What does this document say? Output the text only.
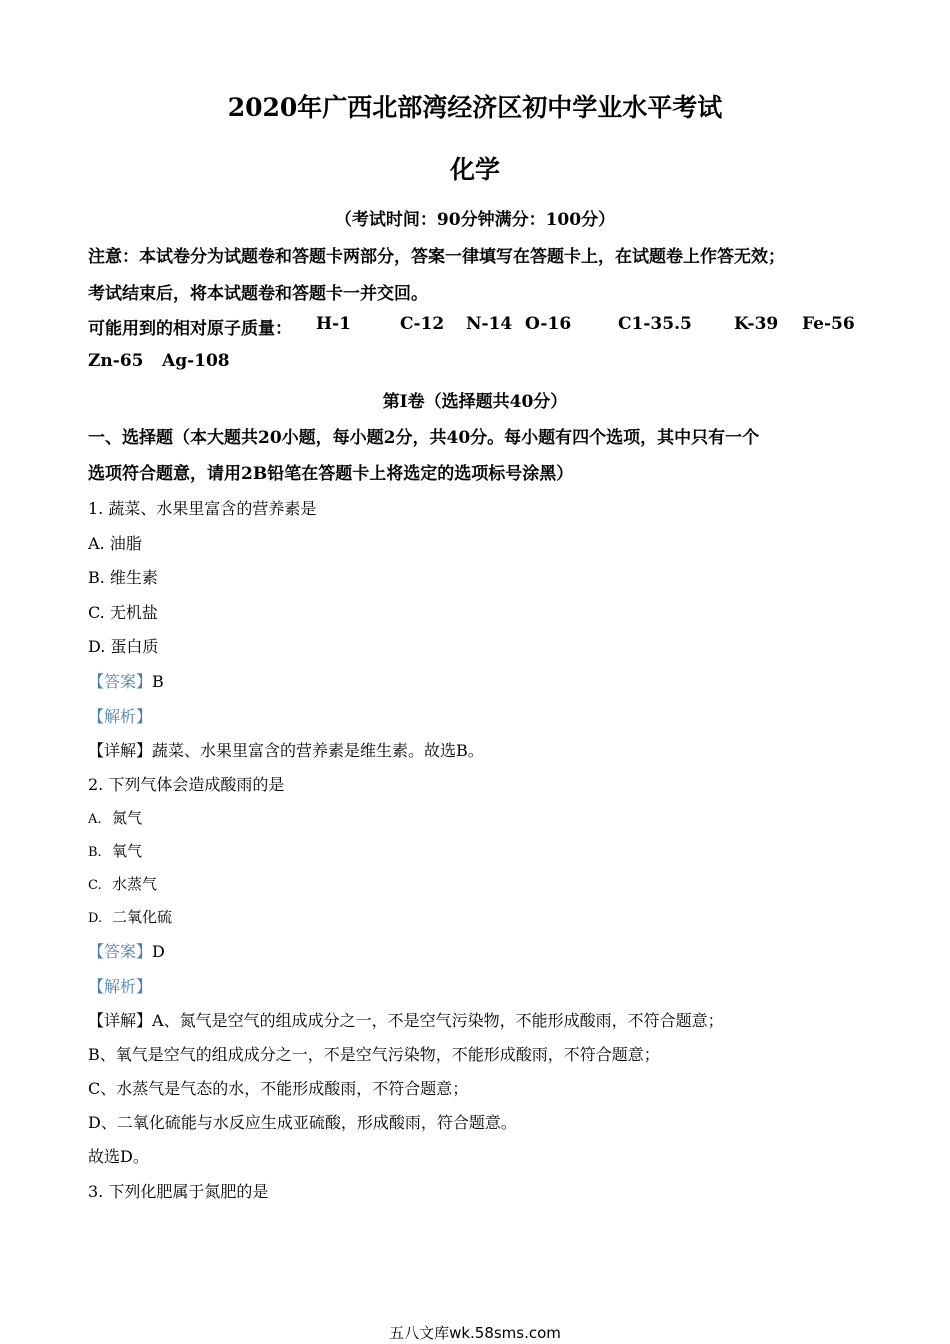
2020年广西北部湾经济区初中学业水平考试
化学
（考试时间：90分钟满分：100分）
注意：本试卷分为试题卷和答题卡两部分，答案一律填写在答题卡上，在试题卷上作答无效；
考试结束后，将本试题卷和答题卡一并交回。
可能用到的相对原子质量： H-1	C-12 N-14 O-16	C1-35.5 K-39 Fe-56
Zn-65 Ag-108
第Ⅰ卷（选择题共40分）
一、选择题（本大题共20小题，每小题2分，共40分。每小题有四个选项，其中只有一个
选项符合题意，请用2B铅笔在答题卡上将选定的选项标号涂黑）
1. 蔬菜、水果里富含的营养素是
A. 油脂
B. 维生素
C. 无机盐
D. 蛋白质
【答案】B
【解析】
【详解】蔬菜、水果里富含的营养素是维生素。故选B。
2. 下列气体会造成酸雨的是
A. 氮气
B. 氧气
C. 水蒸气
D. 二氧化硫
【答案】D
【解析】
【详解】A、氮气是空气的组成成分之一，不是空气污染物，不能形成酸雨，不符合题意；
B、氧气是空气的组成成分之一，不是空气污染物，不能形成酸雨，不符合题意；
C、水蒸气是气态的水，不能形成酸雨，不符合题意；
D、二氧化硫能与水反应生成亚硫酸，形成酸雨，符合题意。
故选D。
3. 下列化肥属于氮肥的是
五八文库wk.58sms.com
